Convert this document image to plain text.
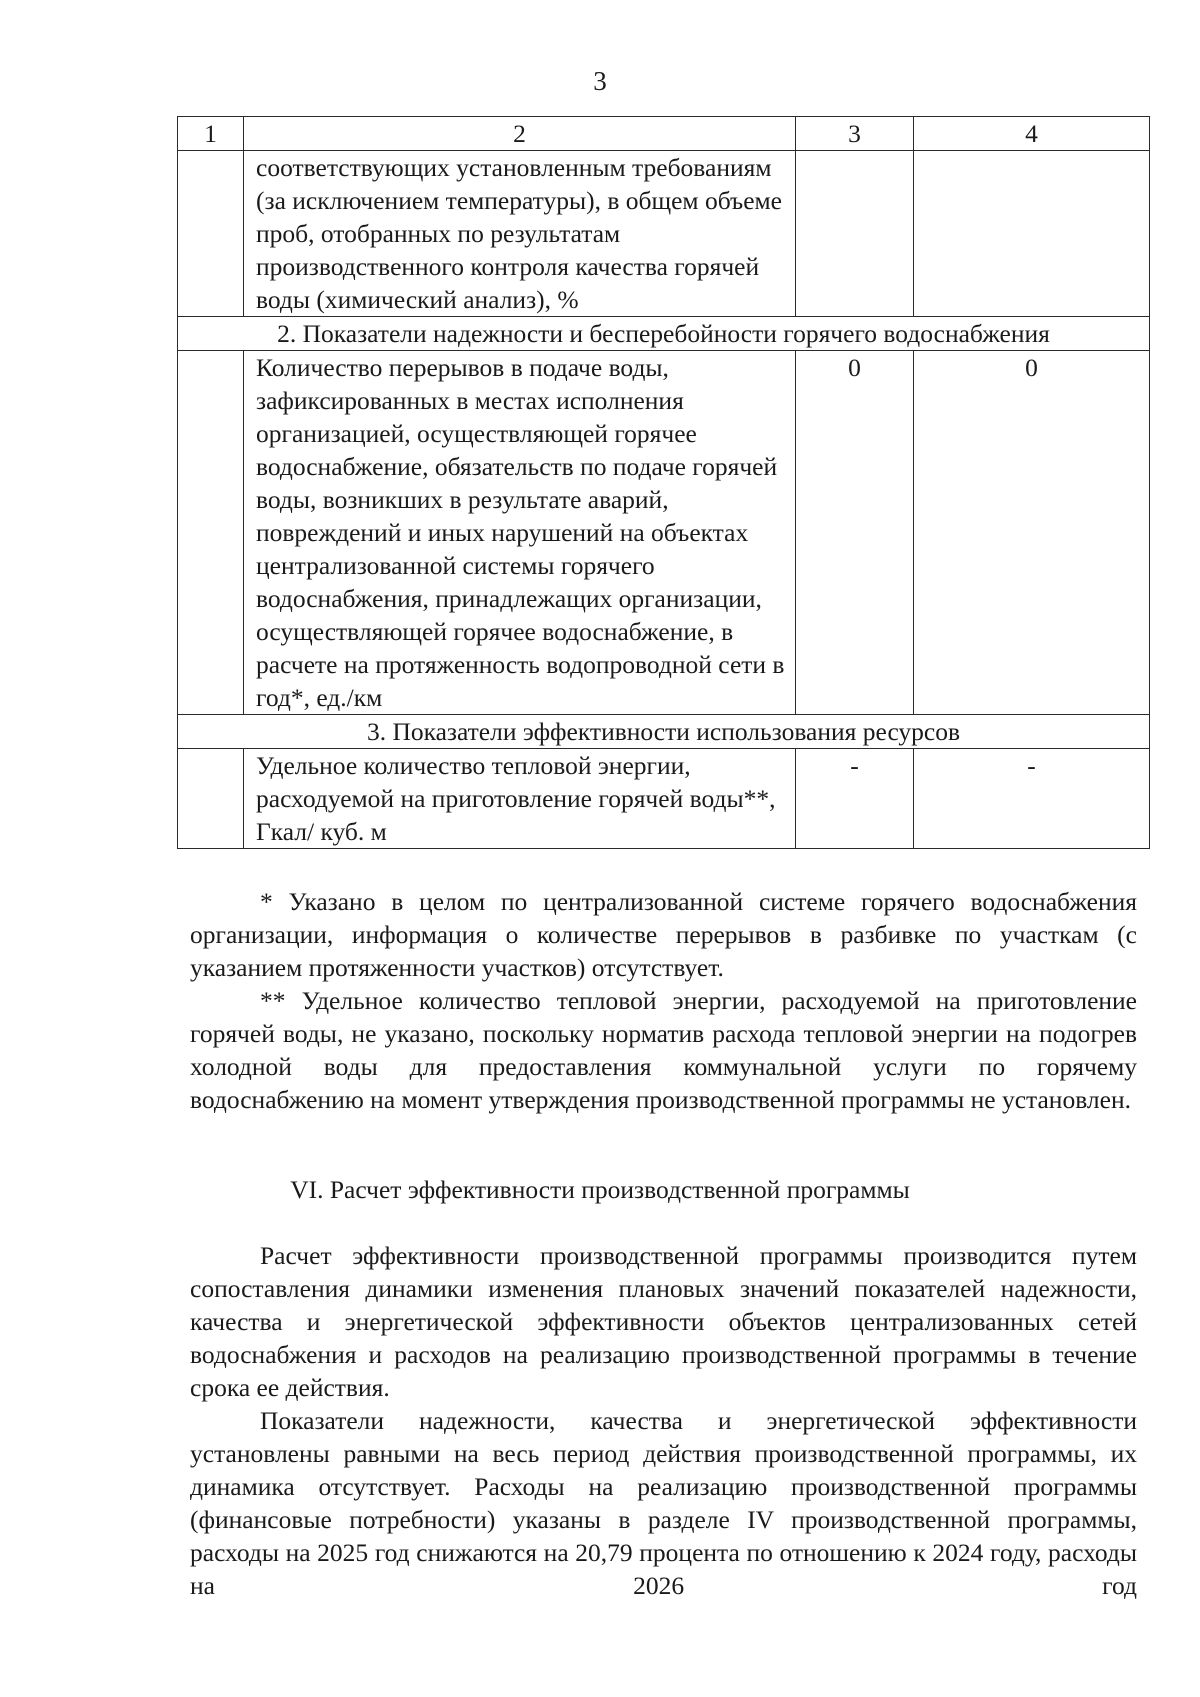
3
1	2	3	4
	соответствующих установленным требованиям (за исключением температуры), в общем объеме проб, отобранных по результатам производственного контроля качества горячей воды (химический анализ), %		
2. Показатели надежности и бесперебойности горячего водоснабжения			
	Количество перерывов в подаче воды, зафиксированных в местах исполнения организацией, осуществляющей горячее водоснабжение, обязательств по подаче горячей воды, возникших в результате аварий, повреждений и иных нарушений на объектах централизованной системы горячего водоснабжения, принадлежащих организации, осуществляющей горячее водоснабжение, в расчете на протяженность водопроводной сети в год*, ед./км	0	0
3. Показатели эффективности использования ресурсов			
	Удельное количество тепловой энергии, расходуемой на приготовление горячей воды**, Гкал/ куб. м	-	-

* Указано в целом по централизованной системе горячего водоснабжения организации, информация о количестве перерывов в разбивке по участкам (с указанием протяженности участков) отсутствует.

** Удельное количество тепловой энергии, расходуемой на приготовление горячей воды, не указано, поскольку норматив расхода тепловой энергии на подогрев холодной воды для предоставления коммунальной услуги по горячему водоснабжению на момент утверждения производственной программы не установлен.

VI. Расчет эффективности производственной программы

Расчет эффективности производственной программы производится путем сопоставления динамики изменения плановых значений показателей надежности, качества и энергетической эффективности объектов централизованных сетей водоснабжения и расходов на реализацию производственной программы в течение срока ее действия.

Показатели надежности, качества и энергетической эффективности установлены равными на весь период действия производственной программы, их динамика отсутствует. Расходы на реализацию производственной программы (финансовые потребности) указаны в разделе IV производственной программы, расходы на 2025 год снижаются на 20,79 процента по отношению к 2024 году, расходы на 2026 год
